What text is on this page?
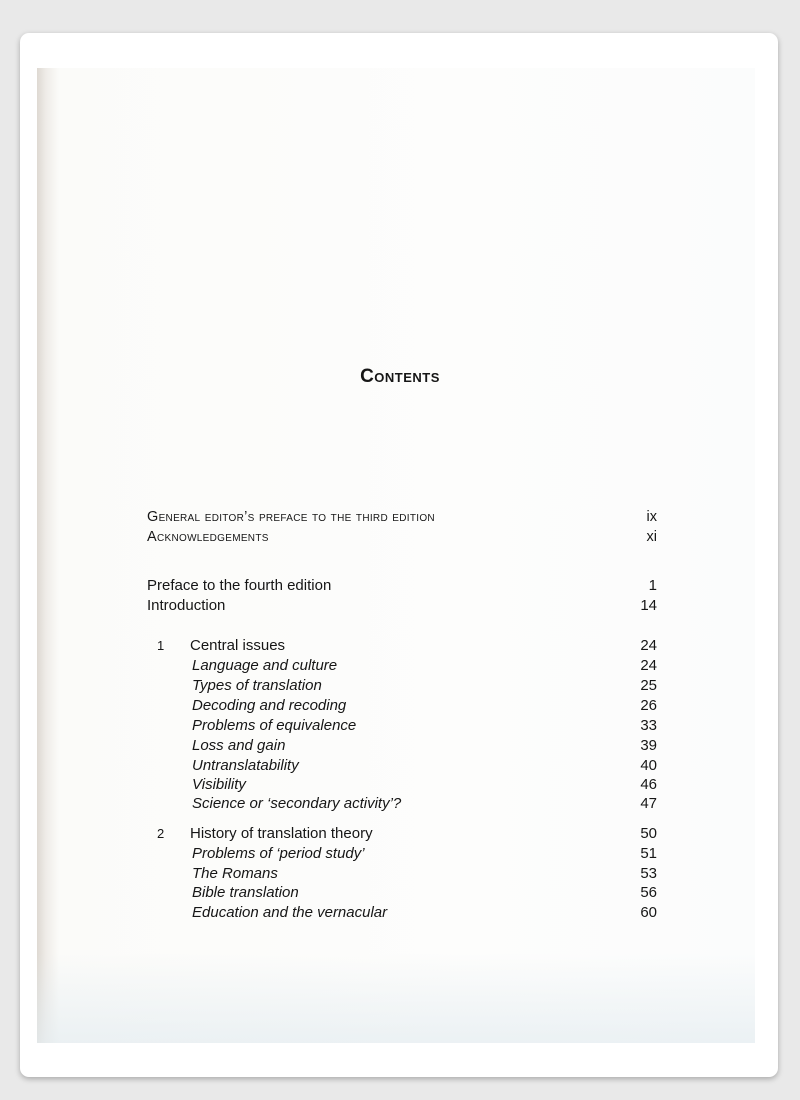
Contents
General editor’s preface to the third edition	ix
Acknowledgements	xi
Preface to the fourth edition	1
Introduction	14
1 Central issues	24
Language and culture	24
Types of translation	25
Decoding and recoding	26
Problems of equivalence	33
Loss and gain	39
Untranslatability	40
Visibility	46
Science or ‘secondary activity’?	47
2 History of translation theory	50
Problems of ‘period study’	51
The Romans	53
Bible translation	56
Education and the vernacular	60
